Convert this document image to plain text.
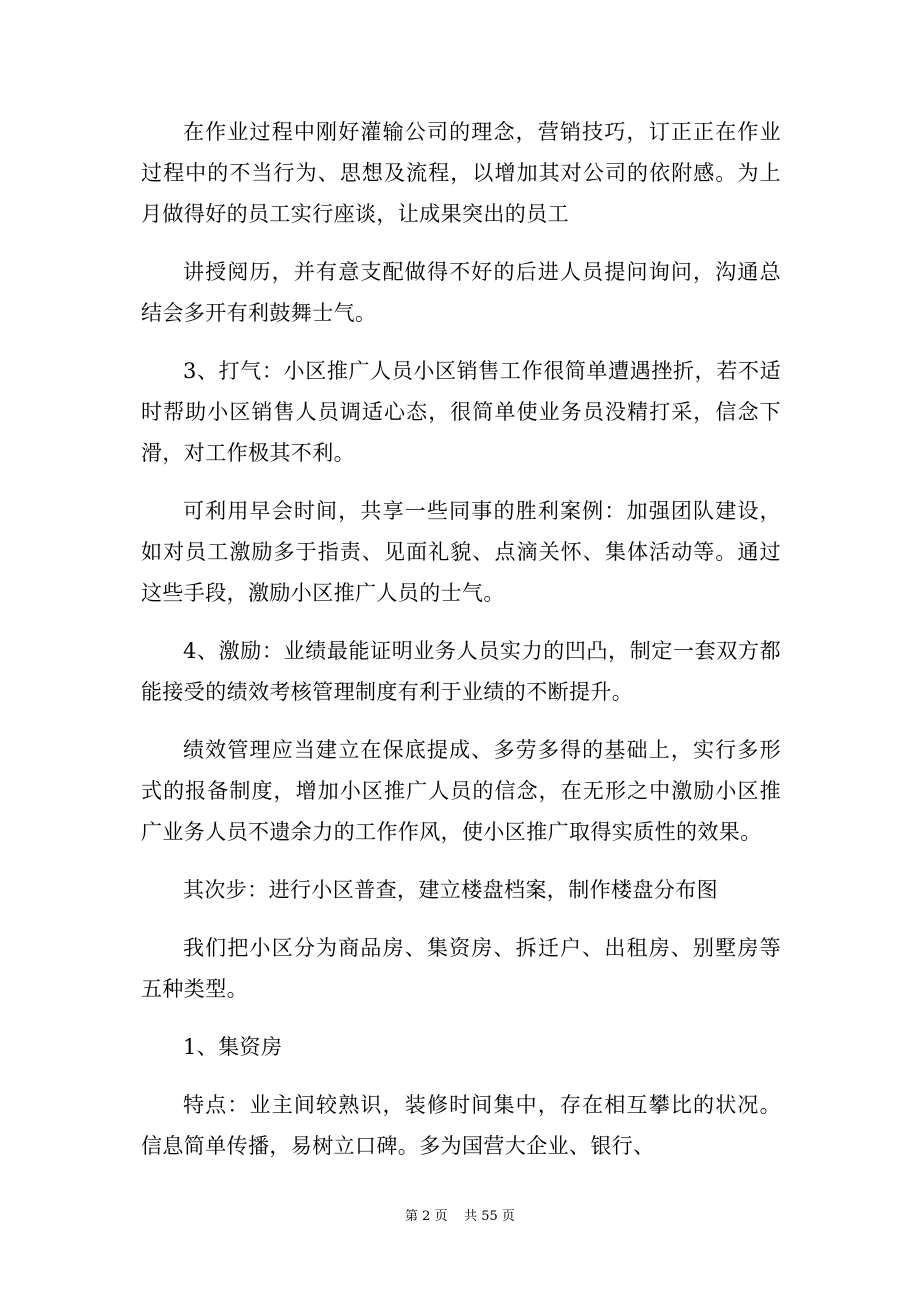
在作业过程中刚好灌输公司的理念，营销技巧，订正正在作业过程中的不当行为、思想及流程，以增加其对公司的依附感。为上月做得好的员工实行座谈，让成果突出的员工

讲授阅历，并有意支配做得不好的后进人员提问询问，沟通总结会多开有利鼓舞士气。

3、打气：小区推广人员小区销售工作很简单遭遇挫折，若不适时帮助小区销售人员调适心态，很简单使业务员没精打采，信念下滑，对工作极其不利。

可利用早会时间，共享一些同事的胜利案例：加强团队建设，如对员工激励多于指责、见面礼貌、点滴关怀、集体活动等。通过这些手段，激励小区推广人员的士气。

4、激励：业绩最能证明业务人员实力的凹凸，制定一套双方都能接受的绩效考核管理制度有利于业绩的不断提升。

绩效管理应当建立在保底提成、多劳多得的基础上，实行多形式的报备制度，增加小区推广人员的信念，在无形之中激励小区推广业务人员不遗余力的工作作风，使小区推广取得实质性的效果。

其次步：进行小区普查，建立楼盘档案，制作楼盘分布图

我们把小区分为商品房、集资房、拆迁户、出租房、别墅房等五种类型。

1、集资房

特点：业主间较熟识，装修时间集中，存在相互攀比的状况。信息简单传播，易树立口碑。多为国营大企业、银行、

第 2 页 共 55 页
